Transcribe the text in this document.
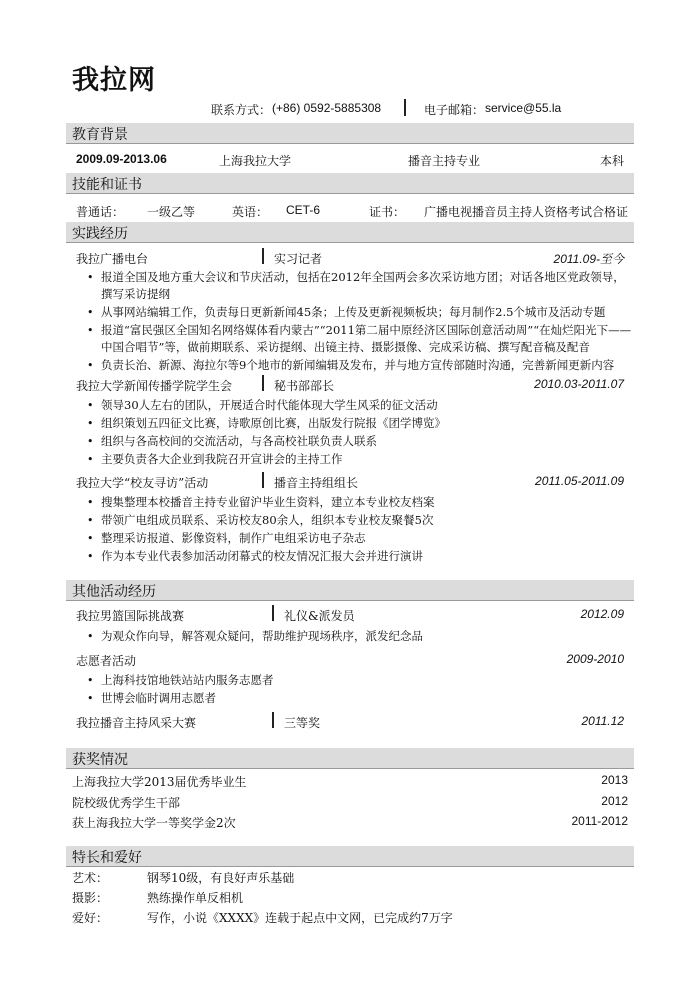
我拉网
联系方式： (+86) 0592-5885308	电子邮箱： service@55.la
教育背景
2009.09-2013.06	上海我拉大学	播音主持专业	本科
技能和证书
普通话： 一级乙等	英语： CET-6	证书： 广播电视播音员主持人资格考试合格证
实践经历
我拉广播电台	实习记者	2011.09-至今
• 报道全国及地方重大会议和节庆活动，包括在2012年全国两会多次采访地方团；对话各地区党政领导，撰写采访提纲
• 从事网站编辑工作，负责每日更新新闻45条；上传及更新视频板块；每月制作2.5个城市及活动专题
• 报道“富民强区全国知名网络媒体看内蒙古”“2011第二届中原经济区国际创意活动周”“在灿烂阳光下——中国合唱节”等，做前期联系、采访提纲、出镜主持、摄影摄像、完成采访稿、撰写配音稿及配音
• 负责长治、新源、海拉尔等9个地市的新闻编辑及发布，并与地方宣传部随时沟通，完善新闻更新内容
我拉大学新闻传播学院学生会	秘书部部长	2010.03-2011.07
• 领导30人左右的团队，开展适合时代能体现大学生风采的征文活动
• 组织策划五四征文比赛，诗歌原创比赛，出版发行院报《团学博览》
• 组织与各高校间的交流活动，与各高校社联负责人联系
• 主要负责各大企业到我院召开宣讲会的主持工作
我拉大学“校友寻访”活动	播音主持组组长	2011.05-2011.09
• 搜集整理本校播音主持专业留沪毕业生资料，建立本专业校友档案
• 带领广电组成员联系、采访校友80余人，组织本专业校友聚餐5次
• 整理采访报道、影像资料，制作广电组采访电子杂志
• 作为本专业代表参加活动闭幕式的校友情况汇报大会并进行演讲
其他活动经历
我拉男篮国际挑战赛	礼仪&派发员	2012.09
• 为观众作向导，解答观众疑问，帮助维护现场秩序，派发纪念品
志愿者活动	2009-2010
• 上海科技馆地铁站站内服务志愿者
• 世博会临时调用志愿者
我拉播音主持风采大赛	三等奖	2011.12
获奖情况
上海我拉大学2013届优秀毕业生	2013
院校级优秀学生干部	2012
获上海我拉大学一等奖学金2次	2011-2012
特长和爱好
艺术：	钢琴10级，有良好声乐基础
摄影：	熟练操作单反相机
爱好：	写作，小说《XXXX》连载于起点中文网，已完成约7万字
